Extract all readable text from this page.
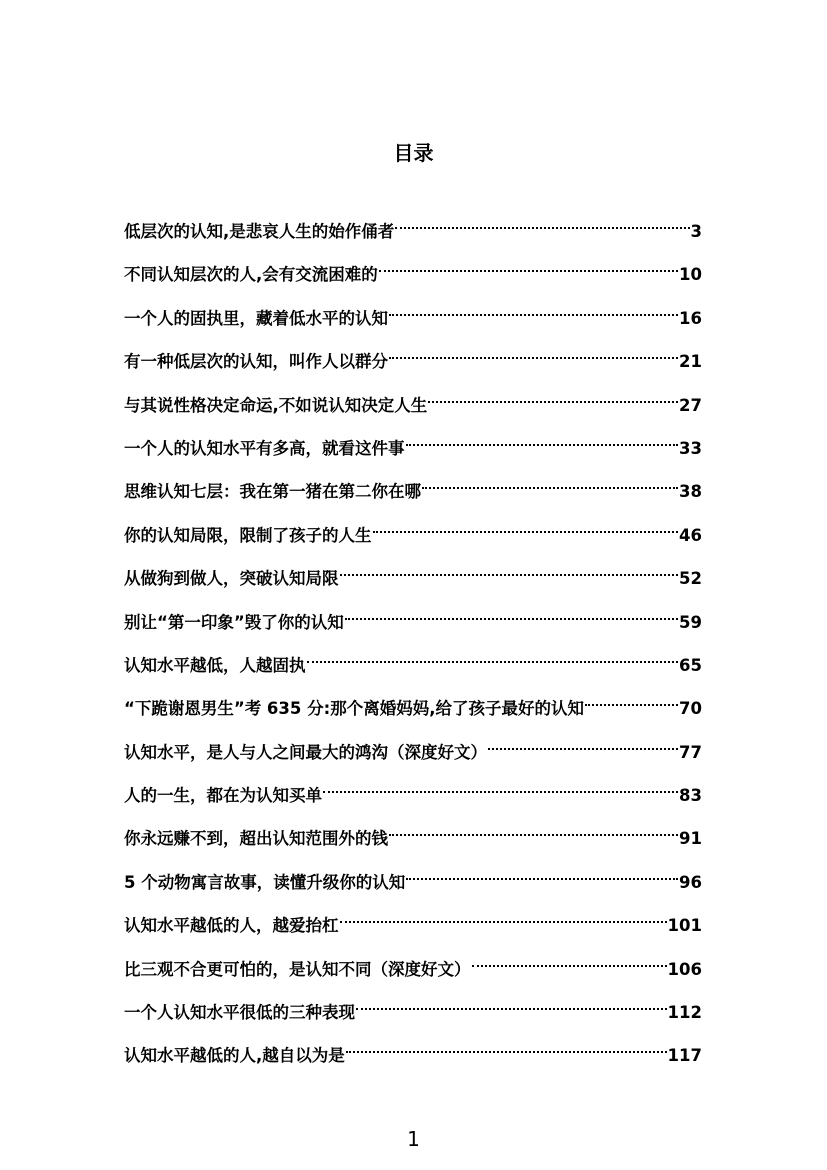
目录
低层次的认知,是悲哀人生的始作俑者	3
不同认知层次的人,会有交流困难的	10
一个人的固执里，藏着低水平的认知	16
有一种低层次的认知，叫作人以群分	21
与其说性格决定命运,不如说认知决定人生	27
一个人的认知水平有多高，就看这件事	33
思维认知七层：我在第一猪在第二你在哪	38
你的认知局限，限制了孩子的人生	46
从做狗到做人，突破认知局限	52
别让“第一印象”毁了你的认知	59
认知水平越低，人越固执	65
“下跪谢恩男生”考 635 分:那个离婚妈妈,给了孩子最好的认知	70
认知水平，是人与人之间最大的鸿沟（深度好文）	77
人的一生，都在为认知买单	83
你永远赚不到，超出认知范围外的钱	91
5 个动物寓言故事，读懂升级你的认知	96
认知水平越低的人，越爱抬杠	101
比三观不合更可怕的，是认知不同（深度好文）	106
一个人认知水平很低的三种表现	112
认知水平越低的人,越自以为是	117
1
